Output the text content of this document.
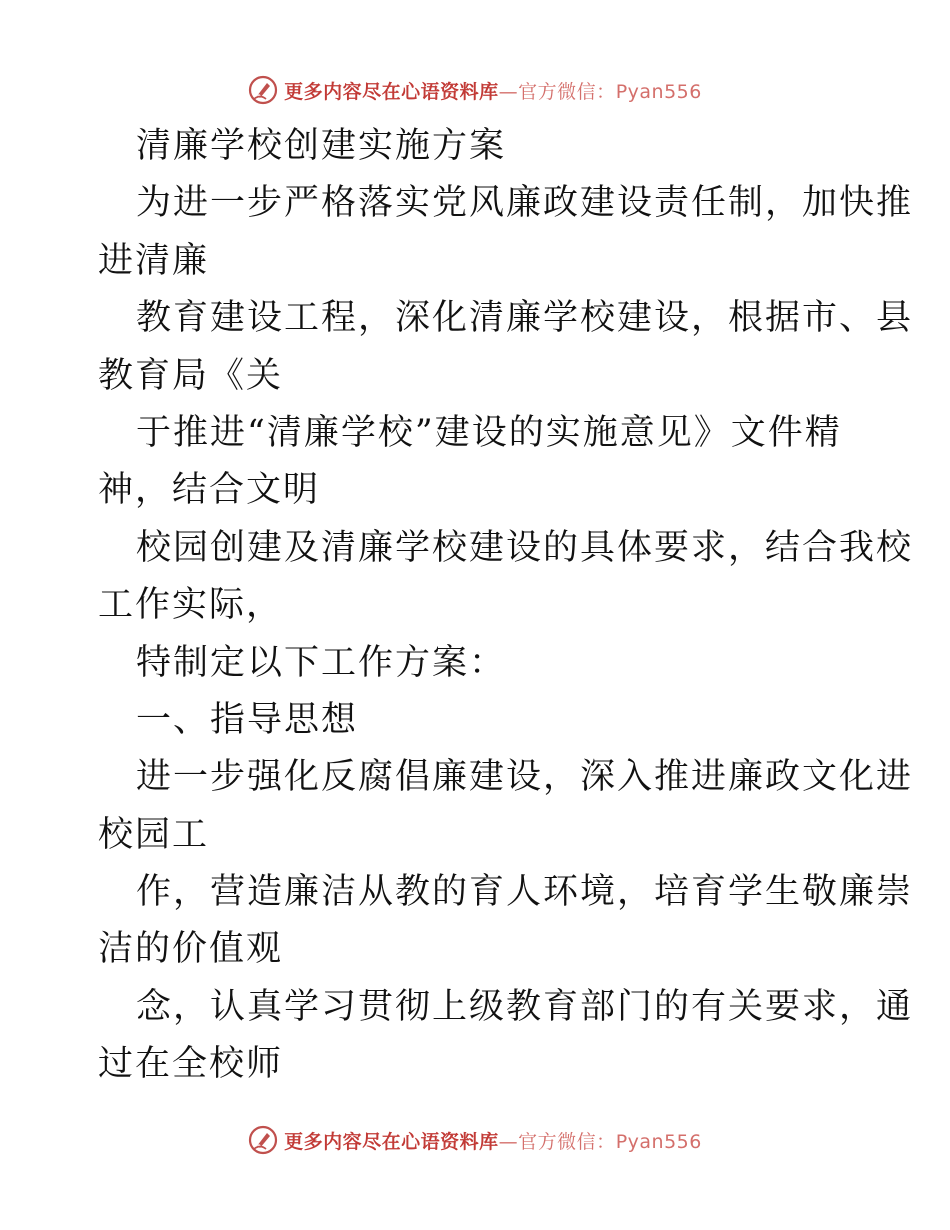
更多内容尽在心语资料库—官方微信：Pyan556
清廉学校创建实施方案
为进一步严格落实党风廉政建设责任制，加快推
进清廉
教育建设工程，深化清廉学校建设，根据市、县
教育局《关
于推进“清廉学校”建设的实施意见》文件精
神，结合文明
校园创建及清廉学校建设的具体要求，结合我校
工作实际，
特制定以下工作方案：
一、指导思想
进一步强化反腐倡廉建设，深入推进廉政文化进
校园工
作，营造廉洁从教的育人环境，培育学生敬廉崇
洁的价值观
念，认真学习贯彻上级教育部门的有关要求，通
过在全校师
更多内容尽在心语资料库—官方微信：Pyan556
